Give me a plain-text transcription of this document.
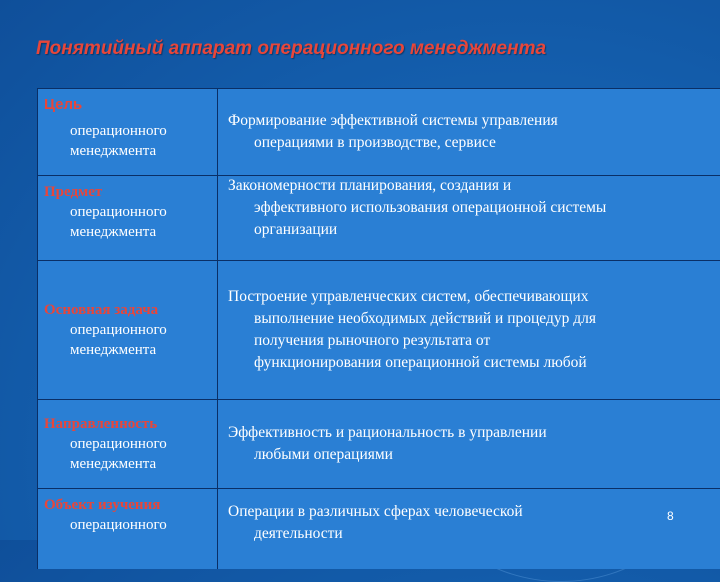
Понятийный аппарат операционного менеджмента
Цель
операционного
менеджмента
Формирование эффективной системы управления
операциями в производстве, сервисе
Предмет
операционного
менеджмента
Закономерности планирования, создания и
эффективного использования операционной системы
организации
Основная задача
операционного
менеджмента
Построение управленческих систем, обеспечивающих
выполнение необходимых действий и процедур для
получения рыночного результата от
функционирования операционной системы любой
Направленность
операционного
менеджмента
Эффективность и рациональность в управлении
любыми операциями
Объект изучения
операционного
Операции в различных сферах человеческой
деятельности
8
